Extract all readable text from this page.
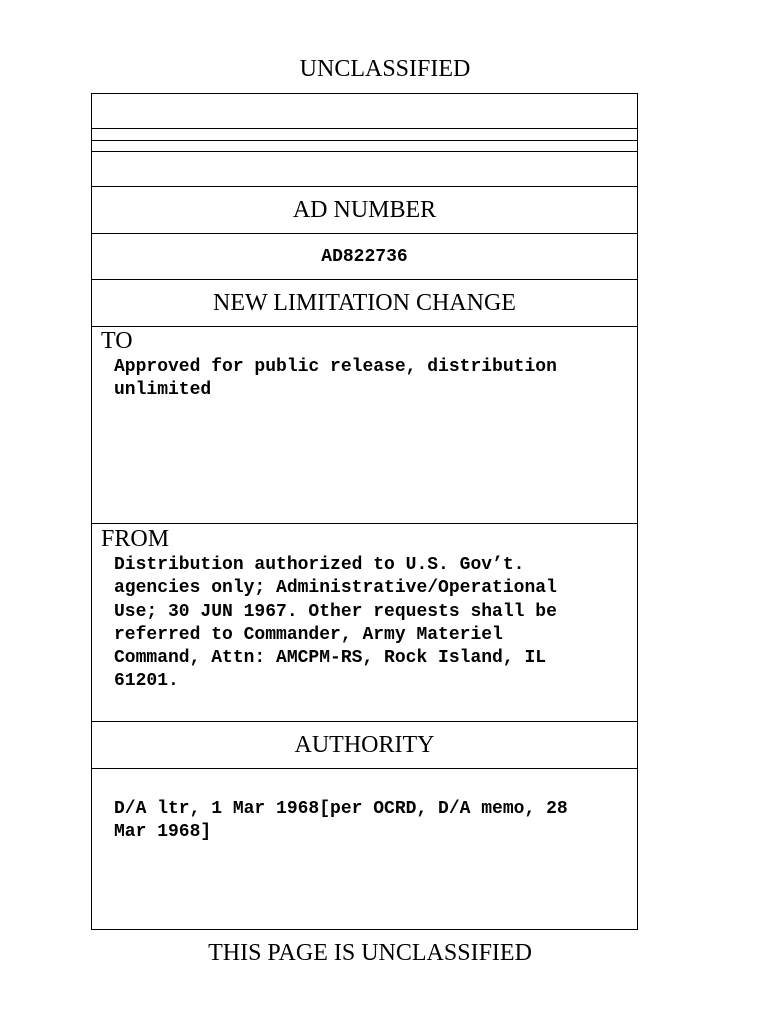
UNCLASSIFIED
AD NUMBER
AD822736
NEW LIMITATION CHANGE
TO
Approved for public release, distribution
unlimited
FROM
Distribution authorized to U.S. Gov’t.
agencies only; Administrative/Operational
Use; 30 JUN 1967. Other requests shall be
referred to Commander, Army Materiel
Command, Attn: AMCPM-RS, Rock Island, IL
61201.
AUTHORITY
D/A ltr, 1 Mar 1968[per OCRD, D/A memo, 28
Mar 1968]
THIS PAGE IS UNCLASSIFIED
